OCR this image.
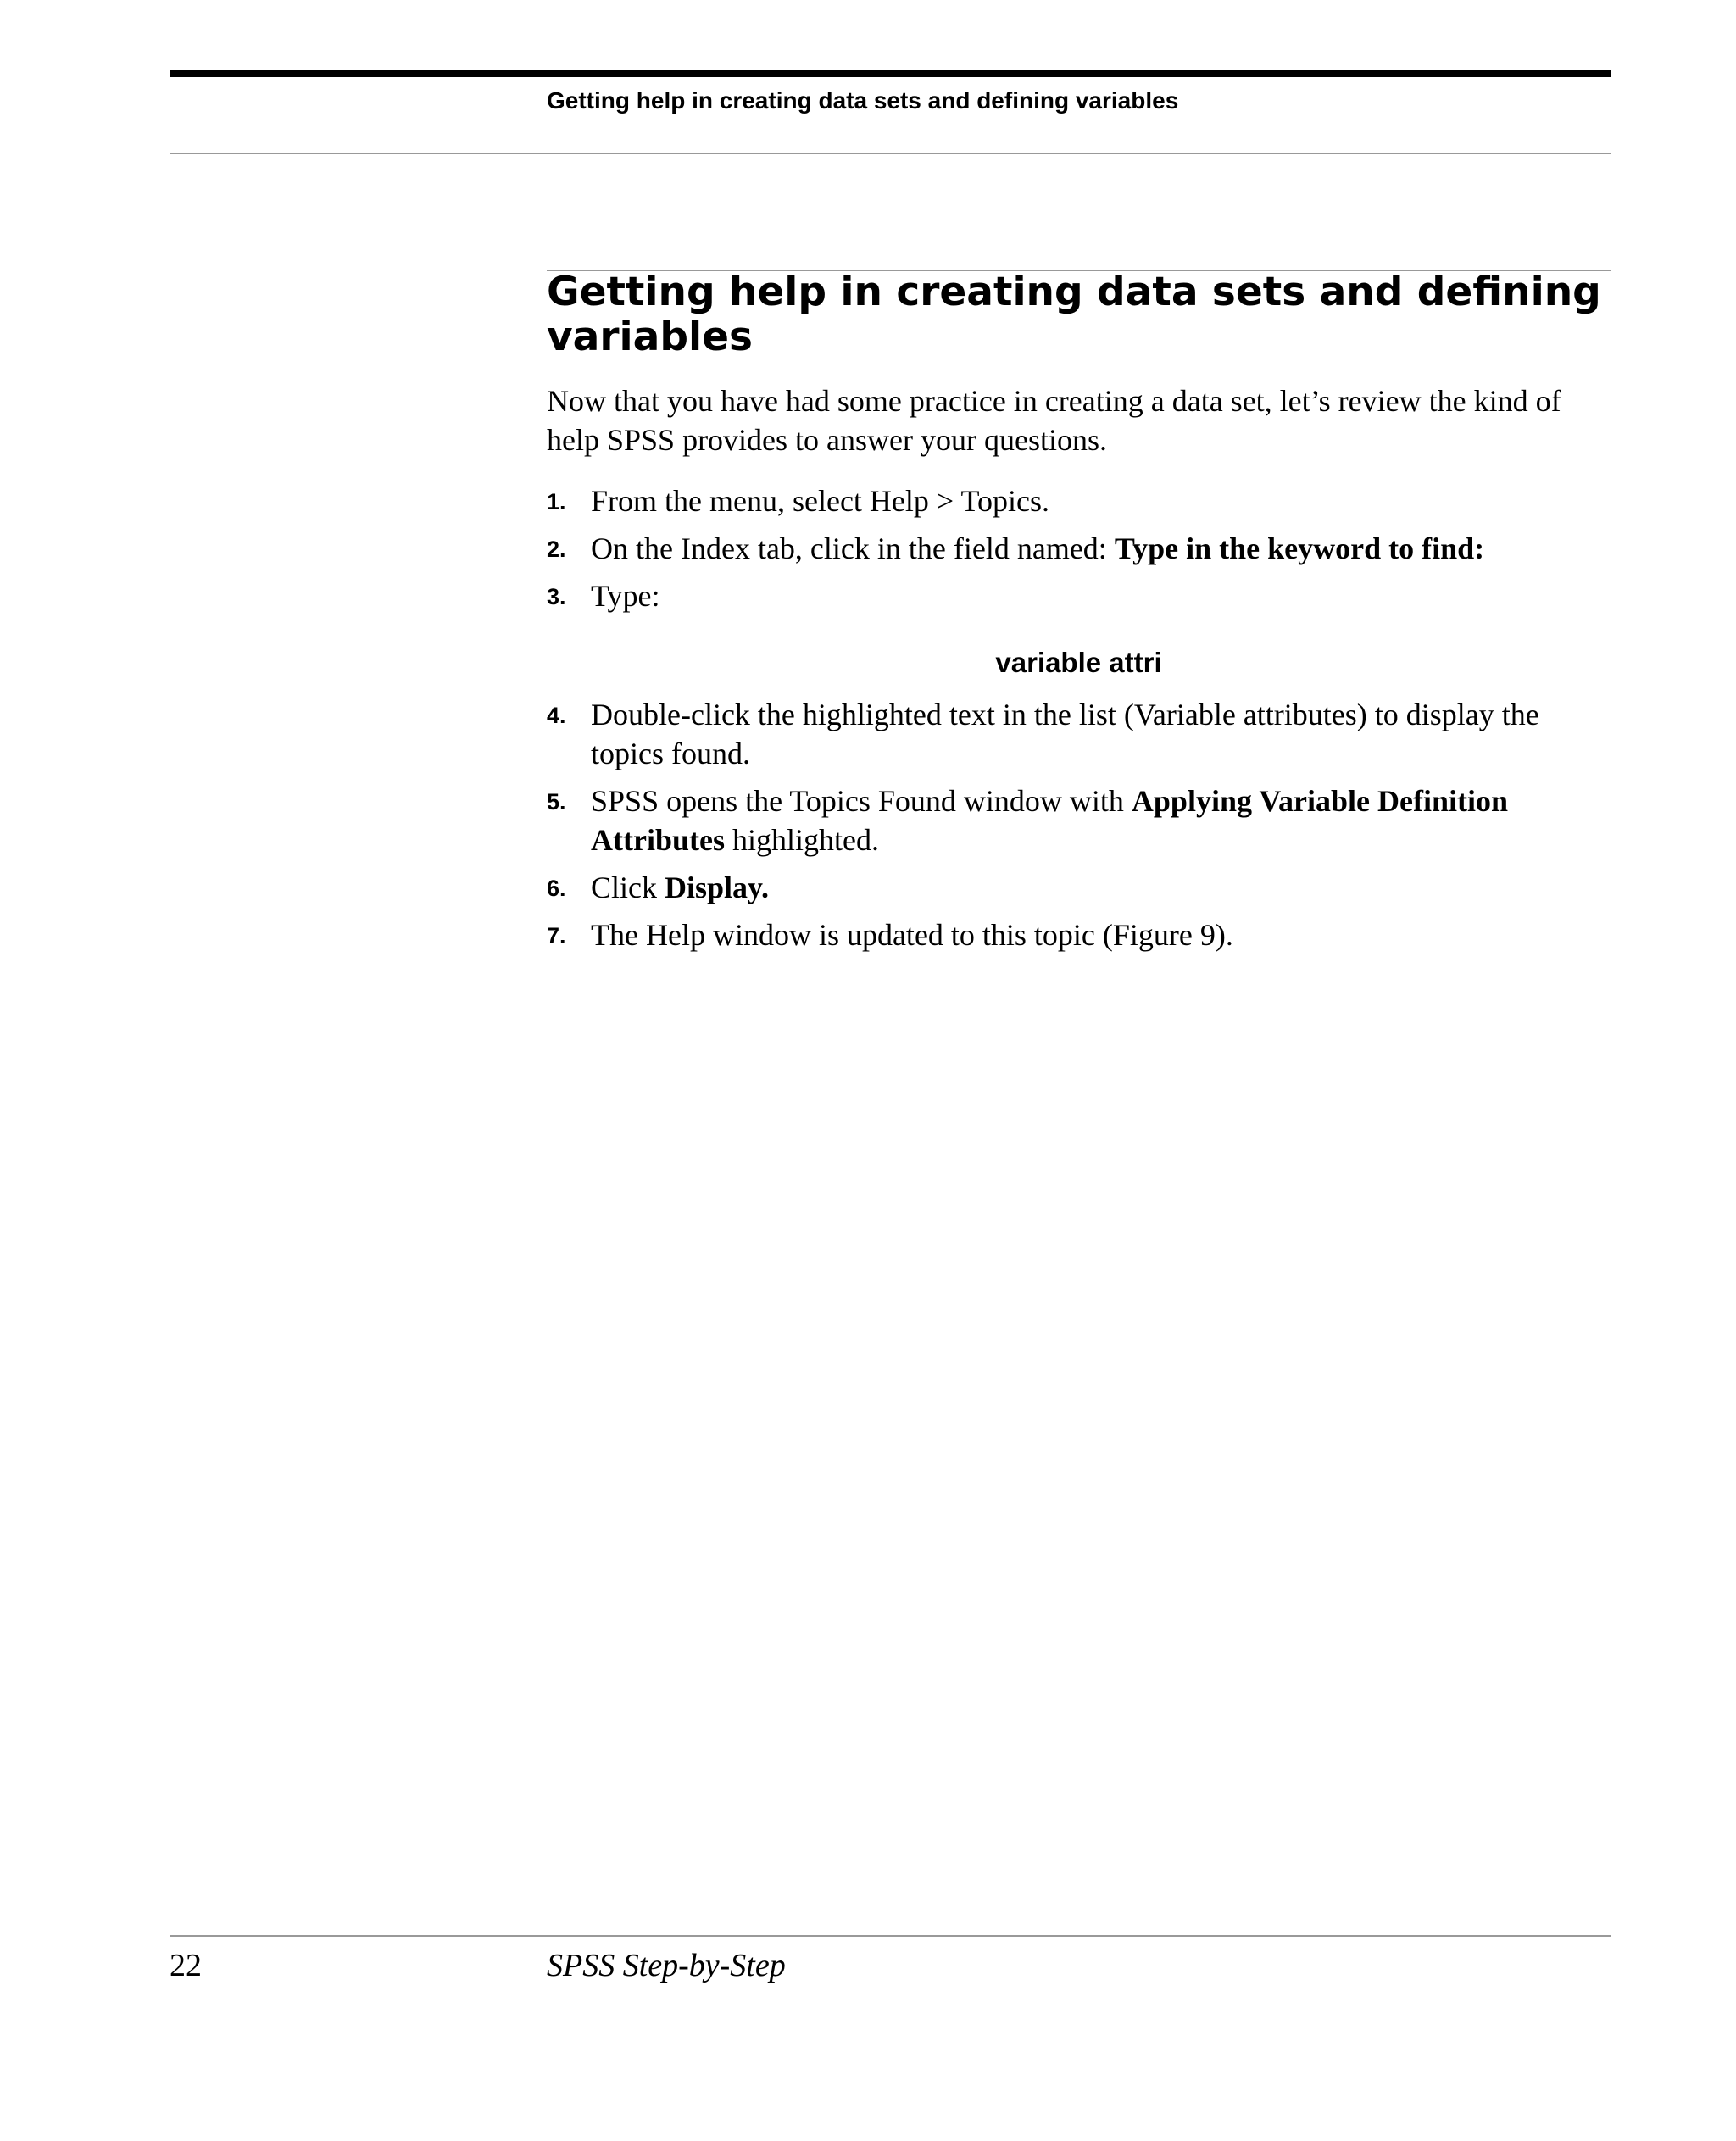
Getting help in creating data sets and defining variables
Getting help in creating data sets and defining variables

Now that you have had some practice in creating a data set, let’s review the kind of help SPSS provides to answer your questions.

1. From the menu, select Help > Topics.
2. On the Index tab, click in the field named: Type in the keyword to find:
3. Type:
variable attri
4. Double-click the highlighted text in the list (Variable attributes) to display the topics found.
5. SPSS opens the Topics Found window with Applying Variable Definition Attributes highlighted.
6. Click Display.
7. The Help window is updated to this topic (Figure 9).
22	SPSS Step-by-Step
